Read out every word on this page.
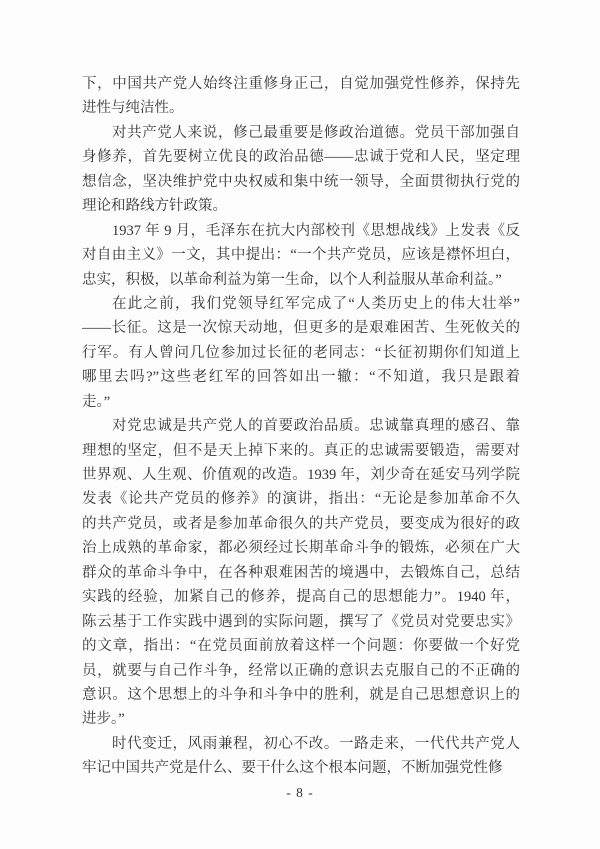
下，中国共产党人始终注重修身正己，自觉加强党性修养，保持先
进性与纯洁性。
对共产党人来说，修己最重要是修政治道德。党员干部加强自
身修养，首先要树立优良的政治品德——忠诚于党和人民，坚定理
想信念，坚决维护党中央权威和集中统一领导，全面贯彻执行党的
理论和路线方针政策。
1937 年 9 月，毛泽东在抗大内部校刊《思想战线》上发表《反
对自由主义》一文，其中提出：“一个共产党员，应该是襟怀坦白，
忠实，积极，以革命利益为第一生命，以个人利益服从革命利益。”
在此之前，我们党领导红军完成了“人类历史上的伟大壮举”
——长征。这是一次惊天动地，但更多的是艰难困苦、生死攸关的
行军。有人曾问几位参加过长征的老同志：“长征初期你们知道上
哪里去吗?”这些老红军的回答如出一辙：“不知道，我只是跟着
走。”
对党忠诚是共产党人的首要政治品质。忠诚靠真理的感召、靠
理想的坚定，但不是天上掉下来的。真正的忠诚需要锻造，需要对
世界观、人生观、价值观的改造。1939 年，刘少奇在延安马列学院
发表《论共产党员的修养》的演讲，指出：“无论是参加革命不久
的共产党员，或者是参加革命很久的共产党员，要变成为很好的政
治上成熟的革命家，都必须经过长期革命斗争的锻炼，必须在广大
群众的革命斗争中，在各种艰难困苦的境遇中，去锻炼自己，总结
实践的经验，加紧自己的修养，提高自己的思想能力”。1940 年，
陈云基于工作实践中遇到的实际问题，撰写了《党员对党要忠实》
的文章，指出：“在党员面前放着这样一个问题：你要做一个好党
员，就要与自己作斗争，经常以正确的意识去克服自己的不正确的
意识。这个思想上的斗争和斗争中的胜利，就是自己思想意识上的
进步。”
时代变迁，风雨兼程，初心不改。一路走来，一代代共产党人
牢记中国共产党是什么、要干什么这个根本问题，不断加强党性修
- 8 -
